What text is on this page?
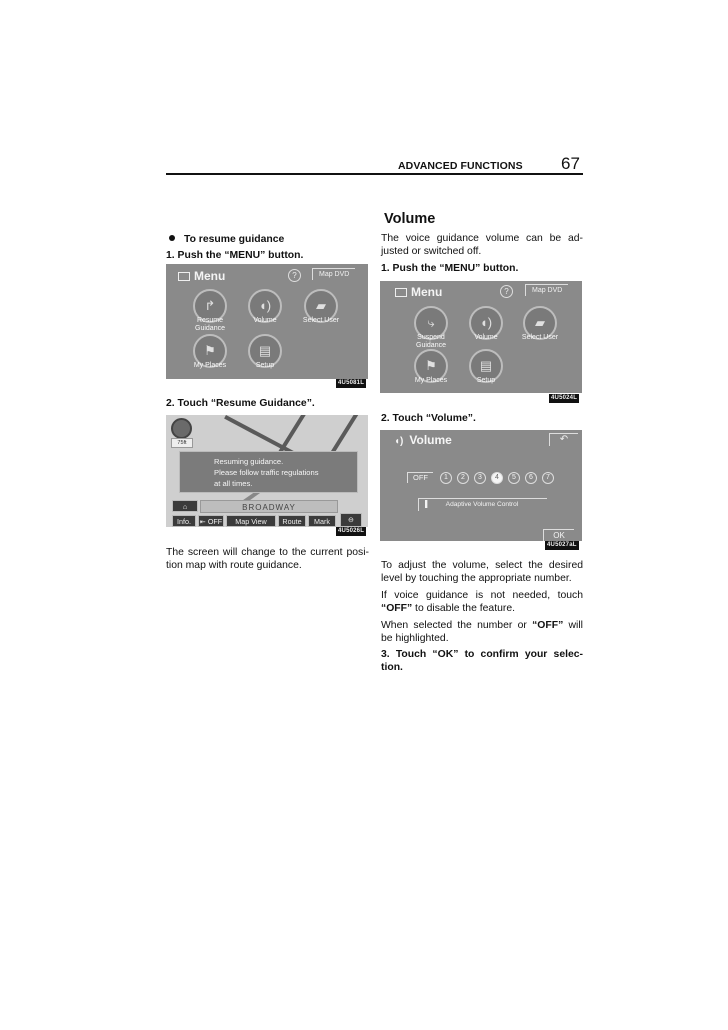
ADVANCED FUNCTIONS 67
To resume guidance
1. Push the “MENU” button.
Menu	?	Map DVD
↱
Resume
Guidance
◖)
Volume
▰
Select User
⚑
My Places
▤
Setup
4U5081L
2. Touch “Resume Guidance”.
75ft
Resuming guidance.
Please follow traffic regulations
at all times.
⌂	BROADWAY
Info.	⇤ OFF	Map View	Route	Mark	⊖
4U5026L
The screen will change to the current posi-tion map with route guidance.
Volume
The voice guidance volume can be ad-justed or switched off.
1. Push the “MENU” button.
Menu	?	Map DVD
⤷
Suspend
Guidance
◖)
Volume
▰
Select User
⚑
My Places
▤
Setup
4U5024L
2. Touch “Volume”.
◖) Volume	↶
OFF	1	2	3	4	5	6	7
▌ Adaptive Volume Control
OK
4U5027aL
To adjust the volume, select the desired level by touching the appropriate number.
If voice guidance is not needed, touch “OFF” to disable the feature.
When selected the number or “OFF” will be highlighted.
3. Touch “OK” to confirm your selec-tion.
